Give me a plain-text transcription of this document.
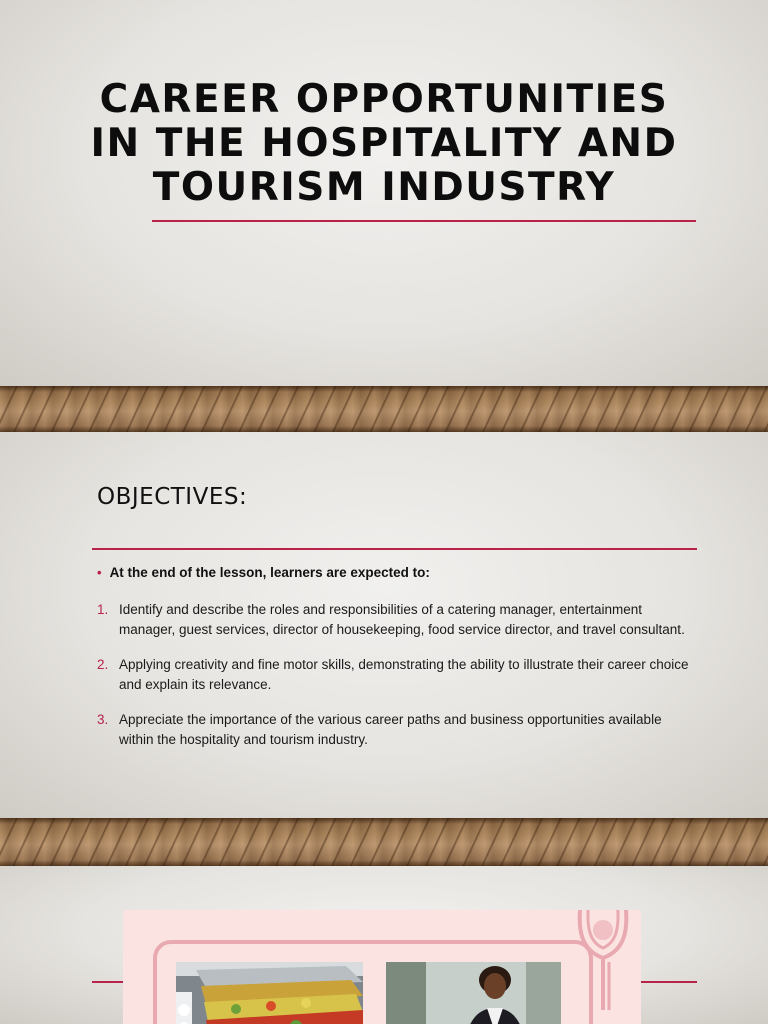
CAREER OPPORTUNITIES
IN THE HOSPITALITY AND
TOURISM INDUSTRY
OBJECTIVES:
• At the end of the lesson, learners are expected to:
1. Identify and describe the roles and responsibilities of a catering manager, entertainment manager, guest services, director of housekeeping, food service director, and travel consultant.
2. Applying creativity and fine motor skills, demonstrating the ability to illustrate their career choice and explain its relevance.
3. Appreciate the importance of the various career paths and business opportunities available within the hospitality and tourism industry.
